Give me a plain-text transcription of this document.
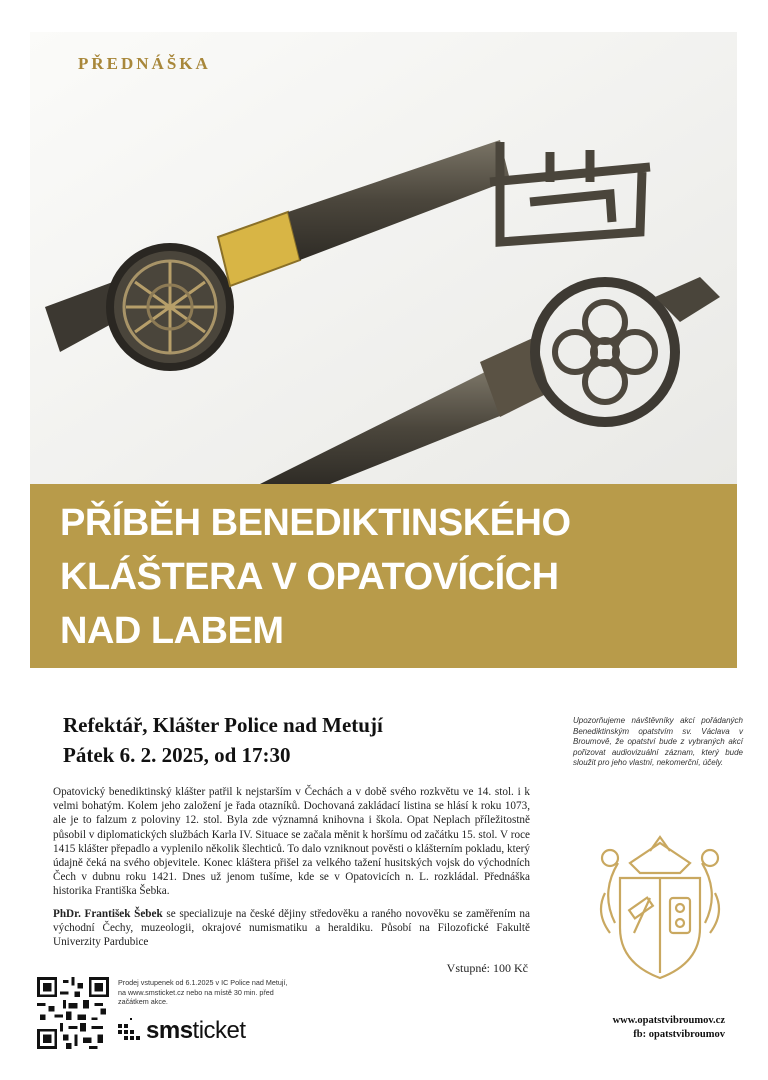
PŘEDNÁŠKA
PŘÍBĚH BENEDIKTINSKÉHO
KLÁŠTERA V OPATOVÍCÍCH
NAD LABEM
Refektář, Klášter Police nad Metují
Pátek 6. 2. 2025, od 17:30
Opatovický benediktinský klášter patřil k nejstarším v Čechách a v době svého rozkvětu ve 14. stol. i k velmi bohatým. Kolem jeho založení je řada otazníků. Dochovaná zakládací listina se hlásí k roku 1073, ale je to falzum z poloviny 12. stol. Byla zde významná knihovna i škola. Opat Neplach příležitostně působil v diplomatických službách Karla IV. Situace se začala měnit k horšímu od začátku 15. stol. V roce 1415 klášter přepadlo a vyplenilo několik šlechticů. To dalo vzniknout pověsti o klášterním pokladu, který údajně čeká na svého objevitele. Konec kláštera přišel za velkého tažení husitských vojsk do východních Čech v dubnu roku 1421. Dnes už jenom tušíme, kde se v Opatovicích n. L. rozkládal. Přednáška historika Františka Šebka.
PhDr. František Šebek se specializuje na české dějiny středověku a raného novověku se zaměřením na východní Čechy, muzeologii, okrajové numismatiku a heraldiku. Působí na Filozofické Fakultě Univerzity Pardubice
Vstupné: 100 Kč
Upozorňujeme návštěvníky akcí pořádaných Benediktinským opatstvím sv. Václava v Broumově, že opatství bude z vybraných akcí pořizovat audiovizuální záznam, který bude sloužit pro jeho vlastní, nekomerční, účely.
Prodej vstupenek od 6.1.2025 v IC Police nad Metují, na www.smsticket.cz nebo na místě 30 min. před začátkem akce.
smsticket	www.opatstvibroumov.cz
fb: opatstvibroumov
